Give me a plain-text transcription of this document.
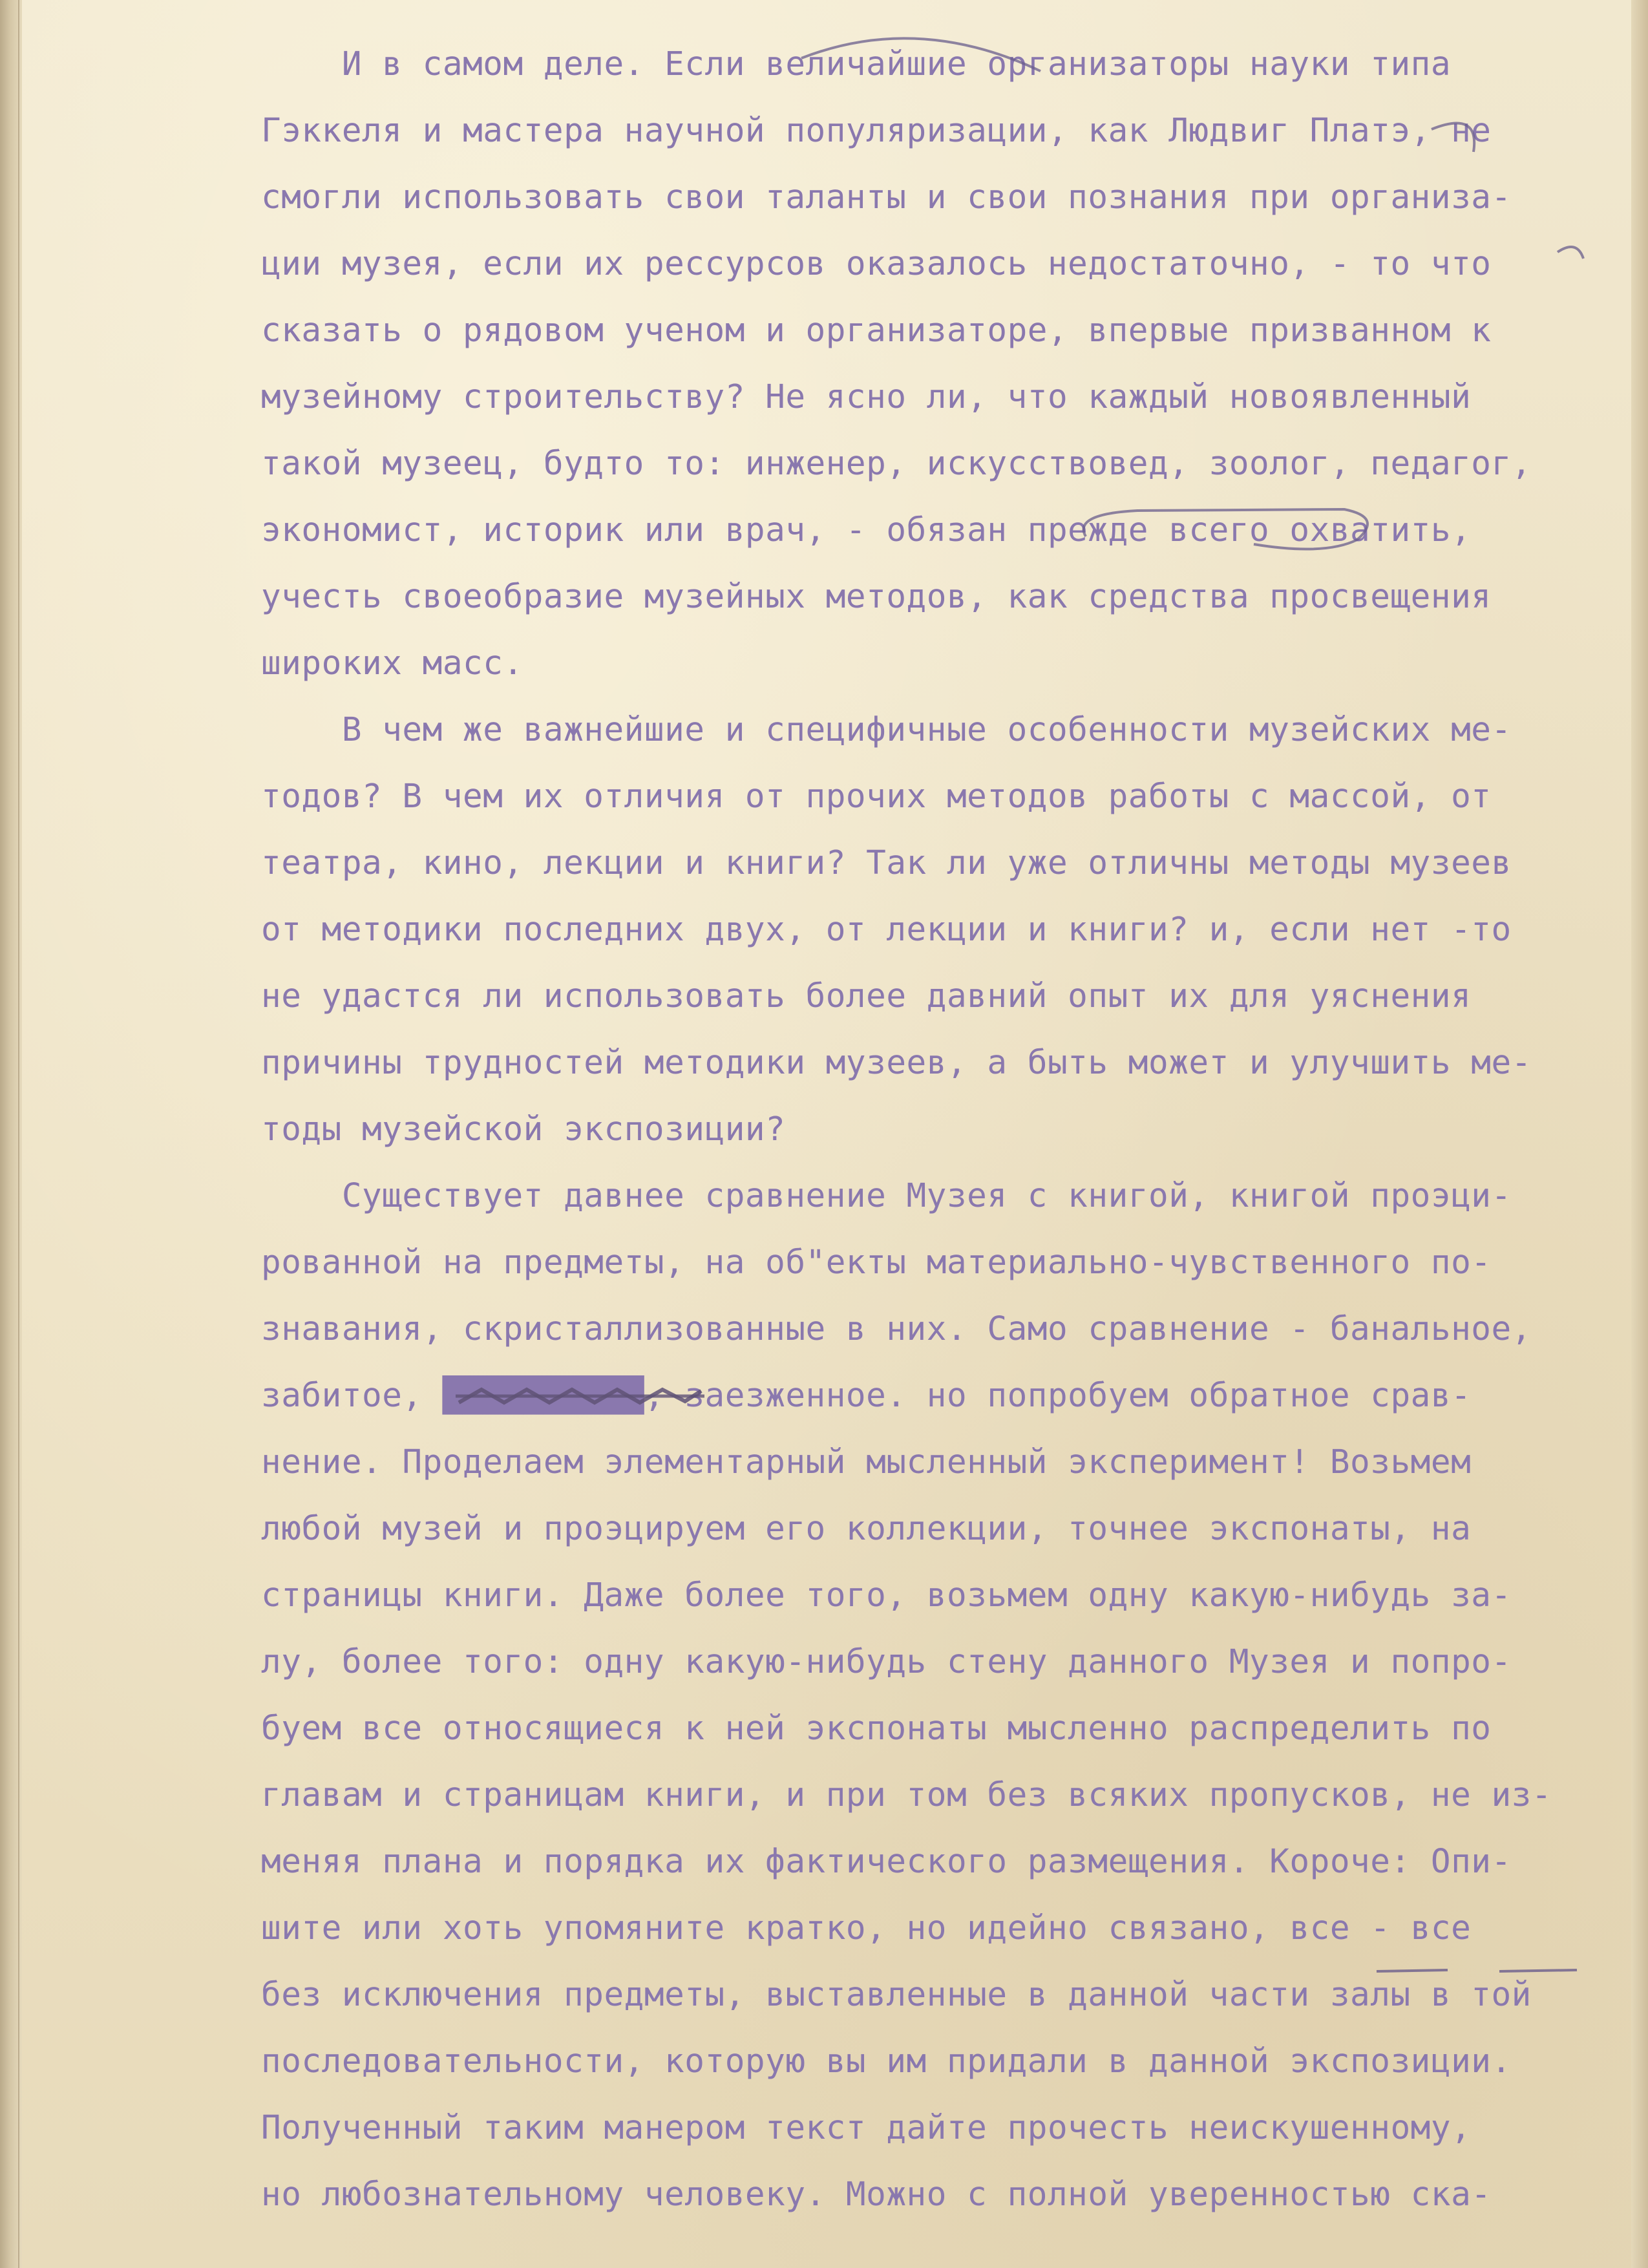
И в самом деле. Если величайшие организаторы науки типа
Гэккеля и мастера научной популяризации, как Людвиг Платэ, не
смогли использовать свои таланты и свои познания при организа-
ции музея, если их рессурсов оказалось недостаточно, - то что
сказать о рядовом ученом и организаторе, впервые призванном к
музейному строительству? Не ясно ли, что каждый новоявленный
такой музеец, будто то: инженер, искусствовед, зоолог, педагог,
экономист, историк или врач, - обязан прежде всего охватить,
учесть своеобразие музейных методов, как средства просвещения
широких масс.
В чем же важнейшие и специфичные особенности музейских ме-
тодов? В чем их отличия от прочих методов работы с массой, от
театра, кино, лекции и книги? Так ли уже отличны методы музеев
от методики последних двух, от лекции и книги? и, если нет -то
не удастся ли использовать более давний опыт их для уяснения
причины трудностей методики музеев, а быть может и улучшить ме-
тоды музейской экспозиции?
Существует давнее сравнение Музея с книгой, книгой проэци-
рованной на предметы, на об"екты материально-чувственного по-
знавания, скристаллизованные в них. Само сравнение - банальное,
забитое, ██████████, заезженное. но попробуем обратное срав-
нение. Проделаем элементарный мысленный эксперимент! Возьмем
любой музей и проэцируем его коллекции, точнее экспонаты, на
страницы книги. Даже более того, возьмем одну какую-нибудь за-
лу, более того: одну какую-нибудь стену данного Музея и попро-
буем все относящиеся к ней экспонаты мысленно распределить по
главам и страницам книги, и при том без всяких пропусков, не из-
меняя плана и порядка их фактического размещения. Короче: Опи-
шите или хоть упомяните кратко, но идейно связано, все - все
без исключения предметы, выставленные в данной части залы в той
последовательности, которую вы им придали в данной экспозиции.
Полученный таким манером текст дайте прочесть неискушенному,
но любознательному человеку. Можно с полной уверенностью ска-
